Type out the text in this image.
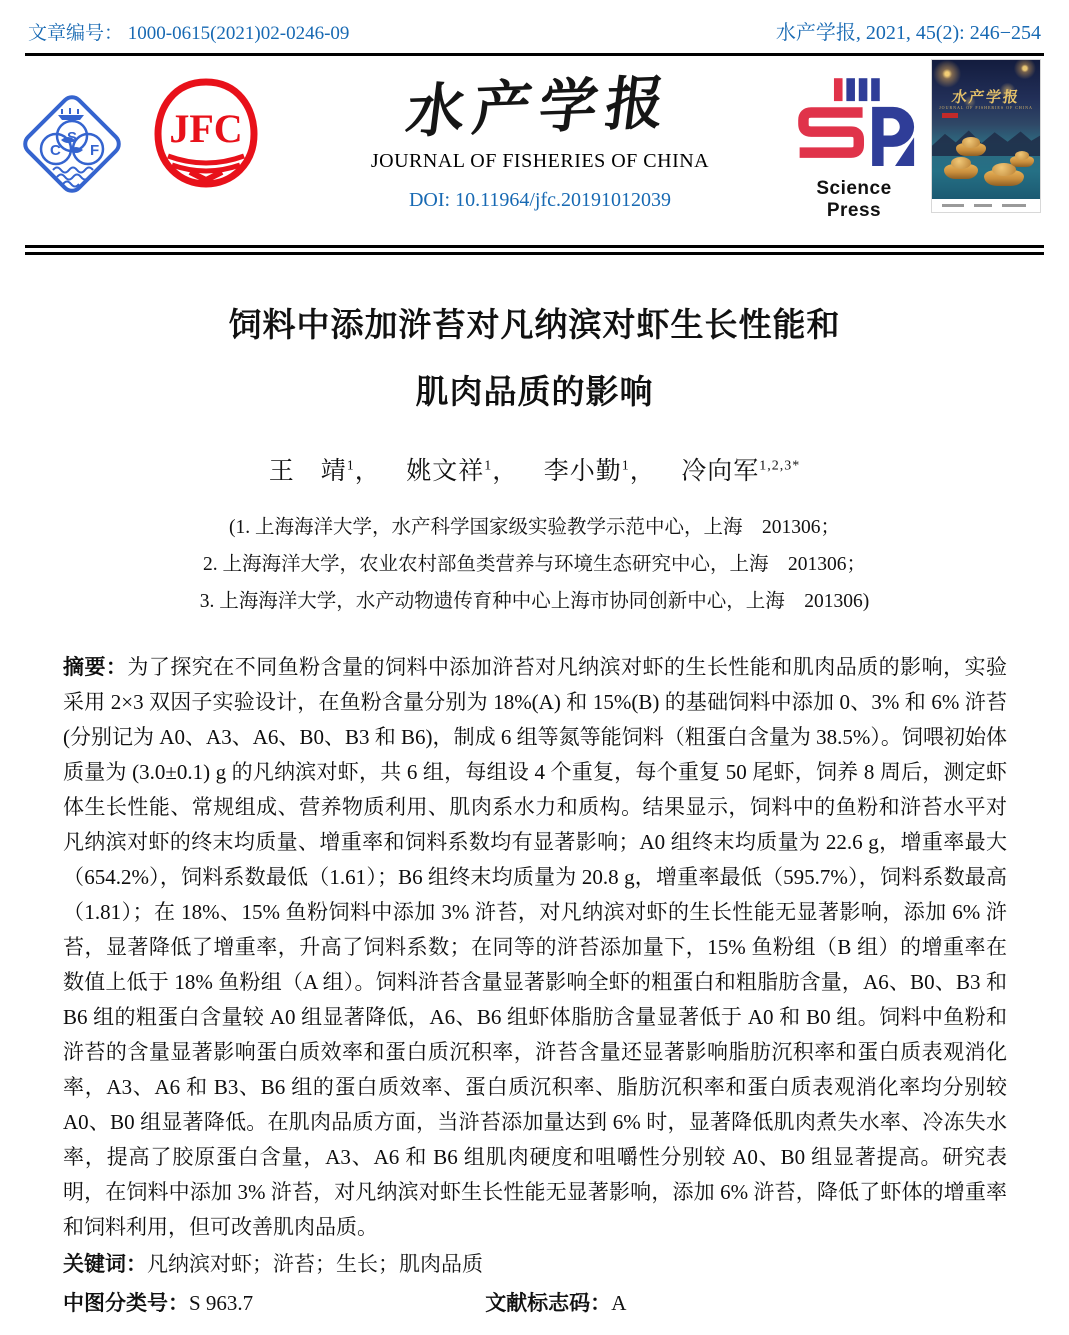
文章编号： 1000-0615(2021)02-0246-09	水产学报, 2021, 45(2): 246−254
C
S
F JFC	水产学报
JOURNAL OF FISHERIES OF CHINA
DOI: 10.11964/jfc.20191012039
Science Press
水产学报
JOURNAL OF FISHERIES OF CHINA
饲料中添加浒苔对凡纳滨对虾生长性能和
肌肉品质的影响
王　靖$^1$，　姚文祥$^1$，　李小勤$^1$，　冷向军$^{1,2,3*}$
(1. 上海海洋大学，水产科学国家级实验教学示范中心，上海　201306；
2. 上海海洋大学，农业农村部鱼类营养与环境生态研究中心，上海　201306；
3. 上海海洋大学，水产动物遗传育种中心上海市协同创新中心，上海　201306)
摘要：为了探究在不同鱼粉含量的饲料中添加浒苔对凡纳滨对虾的生长性能和肌肉品质的影响，实验采用 2×3 双因子实验设计，在鱼粉含量分别为 18%(A) 和 15%(B) 的基础饲料中添加 0、3% 和 6% 浒苔(分别记为 A0、A3、A6、B0、B3 和 B6)，制成 6 组等氮等能饲料（粗蛋白含量为 38.5%）。饲喂初始体质量为 (3.0±0.1) g 的凡纳滨对虾，共 6 组，每组设 4 个重复，每个重复 50 尾虾，饲养 8 周后，测定虾体生长性能、常规组成、营养物质利用、肌肉系水力和质构。结果显示，饲料中的鱼粉和浒苔水平对凡纳滨对虾的终末均质量、增重率和饲料系数均有显著影响；A0 组终末均质量为 22.6 g，增重率最大（654.2%），饲料系数最低（1.61）；B6 组终末均质量为 20.8 g，增重率最低（595.7%），饲料系数最高（1.81）；在 18%、15% 鱼粉饲料中添加 3% 浒苔，对凡纳滨对虾的生长性能无显著影响，添加 6% 浒苔，显著降低了增重率，升高了饲料系数；在同等的浒苔添加量下，15% 鱼粉组（B 组）的增重率在数值上低于 18% 鱼粉组（A 组）。饲料浒苔含量显著影响全虾的粗蛋白和粗脂肪含量，A6、B0、B3 和 B6 组的粗蛋白含量较 A0 组显著降低，A6、B6 组虾体脂肪含量显著低于 A0 和 B0 组。饲料中鱼粉和浒苔的含量显著影响蛋白质效率和蛋白质沉积率，浒苔含量还显著影响脂肪沉积率和蛋白质表观消化率，A3、A6 和 B3、B6 组的蛋白质效率、蛋白质沉积率、脂肪沉积率和蛋白质表观消化率均分别较 A0、B0 组显著降低。在肌肉品质方面，当浒苔添加量达到 6% 时，显著降低肌肉煮失水率、冷冻失水率，提高了胶原蛋白含量，A3、A6 和 B6 组肌肉硬度和咀嚼性分别较 A0、B0 组显著提高。研究表明，在饲料中添加 3% 浒苔，对凡纳滨对虾生长性能无显著影响，添加 6% 浒苔，降低了虾体的增重率和饲料利用，但可改善肌肉品质。
关键词：凡纳滨对虾；浒苔；生长；肌肉品质
中图分类号：S 963.7	文献标志码：A
